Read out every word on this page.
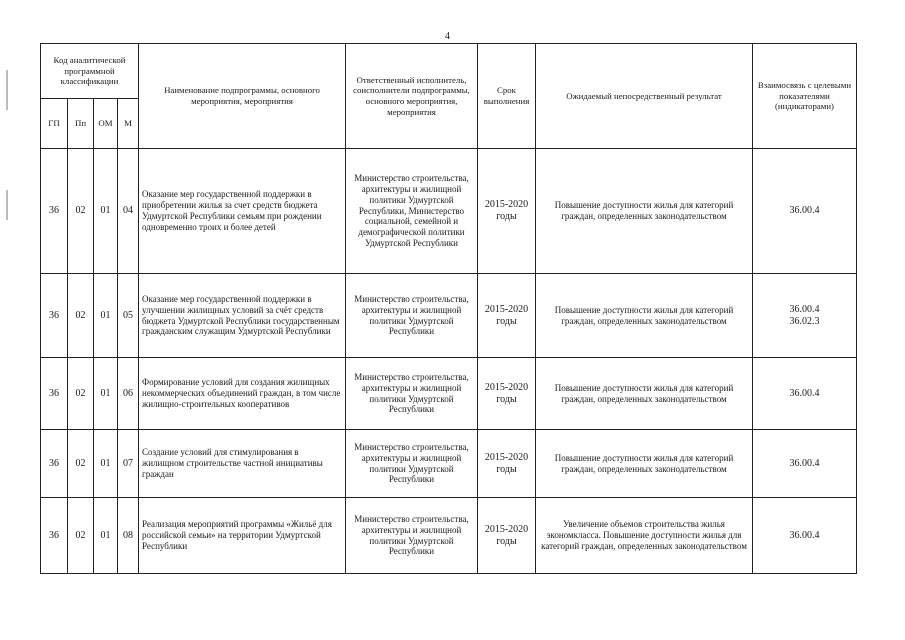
4
Код аналитической программной классификации				Наименование подпрограммы, основного мероприятия, мероприятия	Ответственный исполнитель, соисполнители подпрограммы, основного мероприятия, мероприятия	Срок выполнения	Ожидаемый непосредственный результат	Взаимосвязь с целевыми показателями (индикаторами)
ГП	Пп	ОМ	М					
36	02	01	04	Оказание мер государственной поддержки в приобретении жилья за счет средств бюджета Удмуртской Республики семьям при рождении одновременно троих и более детей	Министерство строительства, архитектуры и жилищной политики Удмуртской Республики, Министерство социальной, семейной и демографической политики Удмуртской Республики	2015-2020 годы	Повышение доступности жилья для категорий граждан, определенных законодательством	36.00.4

36	02	01	05	Оказание мер государственной поддержки в улучшении жилищных условий за счёт средств бюджета Удмуртской Республики государственным гражданским служащим Удмуртской Республики	Министерство строительства, архитектуры и жилищной политики Удмуртской Республики	2015-2020 годы	Повышение доступности жилья для категорий граждан, определенных законодательством	36.00.4
36.02.3

36	02	01	06	Формирование условий для создания жилищных некоммерческих объединений граждан, в том числе жилищно-строительных кооперативов	Министерство строительства, архитектуры и жилищной политики Удмуртской Республики	2015-2020 годы	Повышение доступности жилья для категорий граждан, определенных законодательством	36.00.4

36	02	01	07	Создание условий для стимулирования в жилищном строительстве частной инициативы граждан	Министерство строительства, архитектуры и жилищной политики Удмуртской Республики	2015-2020 годы	Повышение доступности жилья для категорий граждан, определенных законодательством	36.00.4

36	02	01	08	Реализация мероприятий программы «Жильё для российской семьи» на территории Удмуртской Республики	Министерство строительства, архитектуры и жилищной политики Удмуртской Республики	2015-2020 годы	Увеличение объемов строительства жилья экономкласса. Повышение доступности жилья для категорий граждан, определенных законодательством	36.00.4
